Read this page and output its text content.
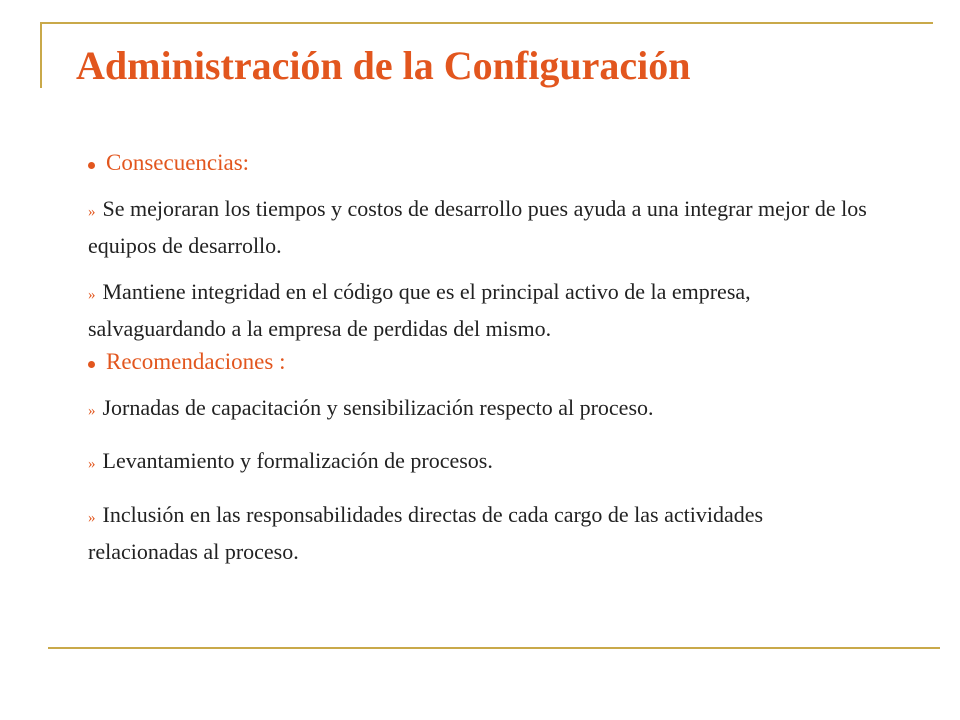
Administración de la Configuración
Consecuencias:
» Se mejoraran los tiempos y costos de desarrollo pues ayuda a una integrar mejor de los equipos de desarrollo.
» Mantiene integridad en el código que es el principal activo de la empresa, salvaguardando a la empresa de perdidas del mismo.
Recomendaciones :
» Jornadas de capacitación y sensibilización respecto al proceso.
» Levantamiento y formalización de procesos.
» Inclusión en las responsabilidades directas de cada cargo de las actividades relacionadas al proceso.
